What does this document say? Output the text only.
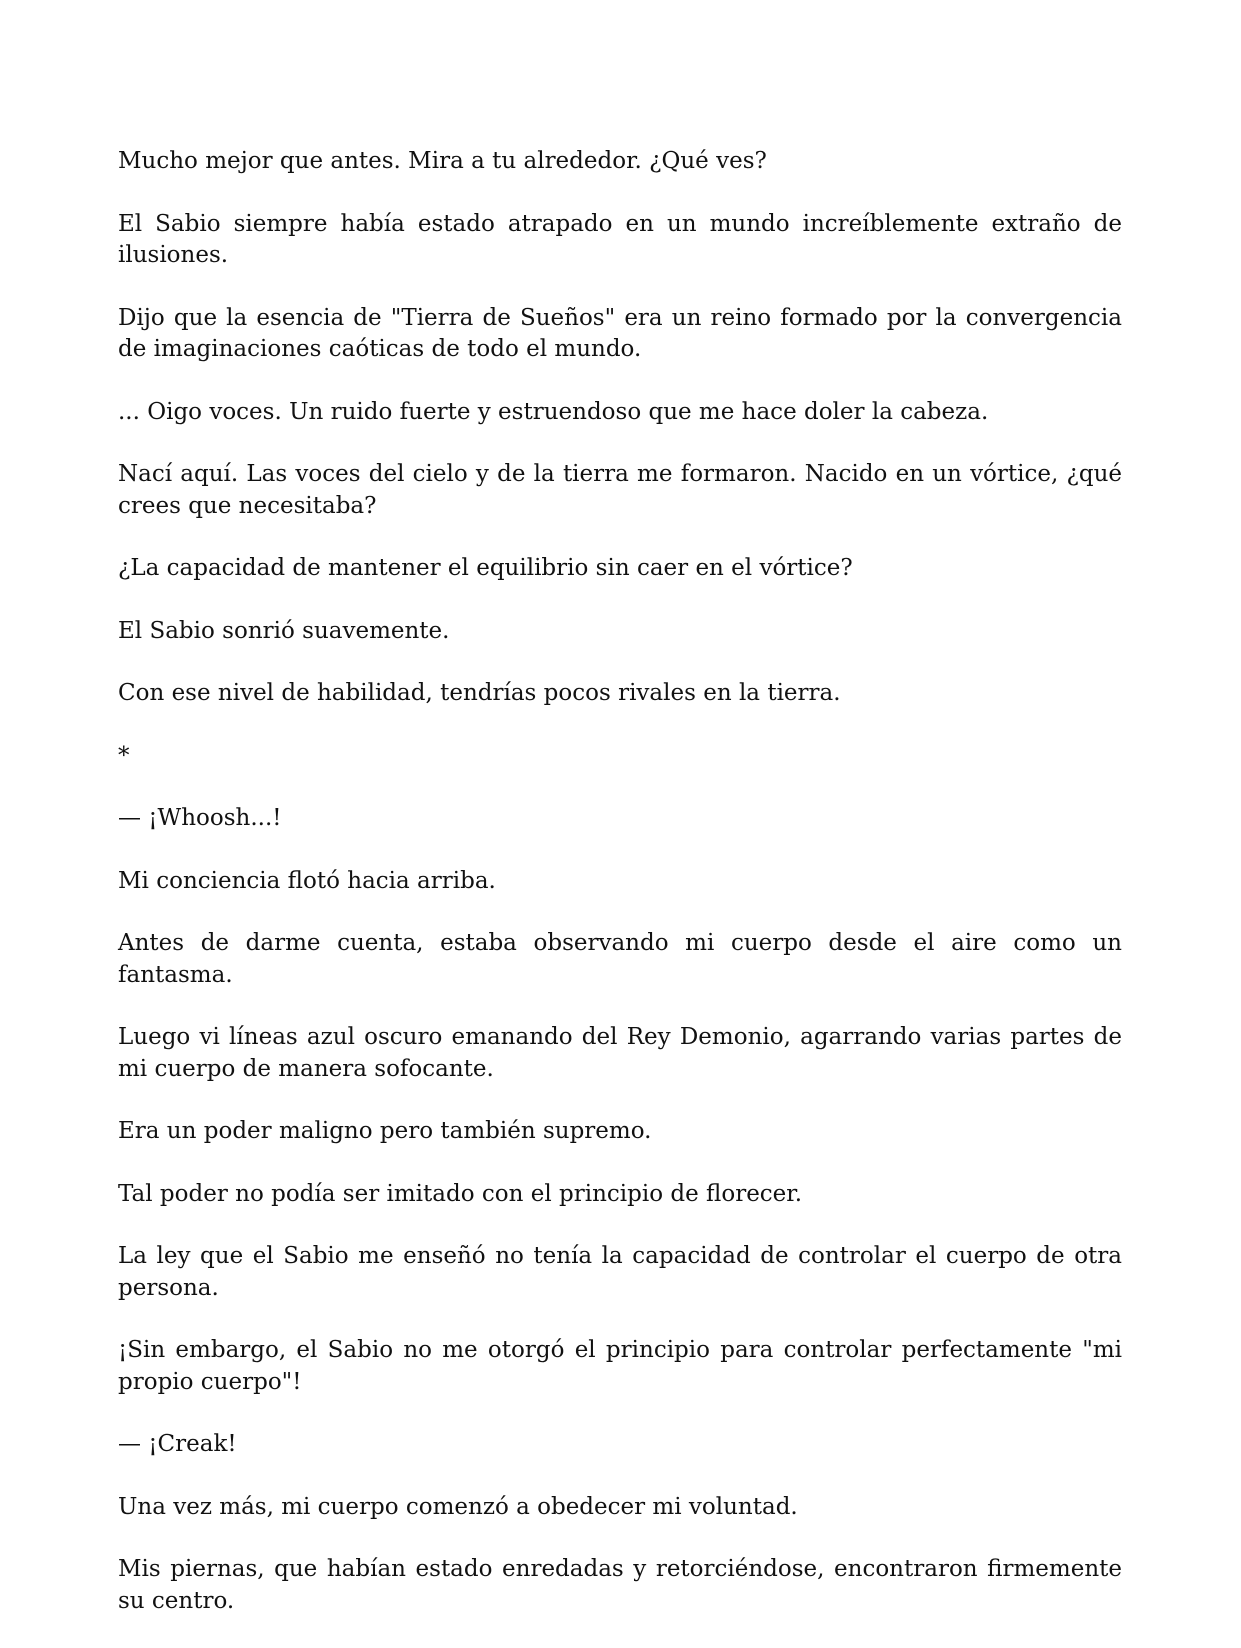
Mucho mejor que antes. Mira a tu alrededor. ¿Qué ves?

El Sabio siempre había estado atrapado en un mundo increíblemente extraño de ilusiones.

Dijo que la esencia de "Tierra de Sueños" era un reino formado por la convergencia de imaginaciones caóticas de todo el mundo.

... Oigo voces. Un ruido fuerte y estruendoso que me hace doler la cabeza.

Nací aquí. Las voces del cielo y de la tierra me formaron. Nacido en un vórtice, ¿qué crees que necesitaba?

¿La capacidad de mantener el equilibrio sin caer en el vórtice?

El Sabio sonrió suavemente.

Con ese nivel de habilidad, tendrías pocos rivales en la tierra.

*

— ¡Whoosh...!

Mi conciencia flotó hacia arriba.

Antes de darme cuenta, estaba observando mi cuerpo desde el aire como un fantasma.

Luego vi líneas azul oscuro emanando del Rey Demonio, agarrando varias partes de mi cuerpo de manera sofocante.

Era un poder maligno pero también supremo.

Tal poder no podía ser imitado con el principio de florecer.

La ley que el Sabio me enseñó no tenía la capacidad de controlar el cuerpo de otra persona.

¡Sin embargo, el Sabio no me otorgó el principio para controlar perfectamente "mi propio cuerpo"!

— ¡Creak!

Una vez más, mi cuerpo comenzó a obedecer mi voluntad.

Mis piernas, que habían estado enredadas y retorciéndose, encontraron firmemente su centro.
